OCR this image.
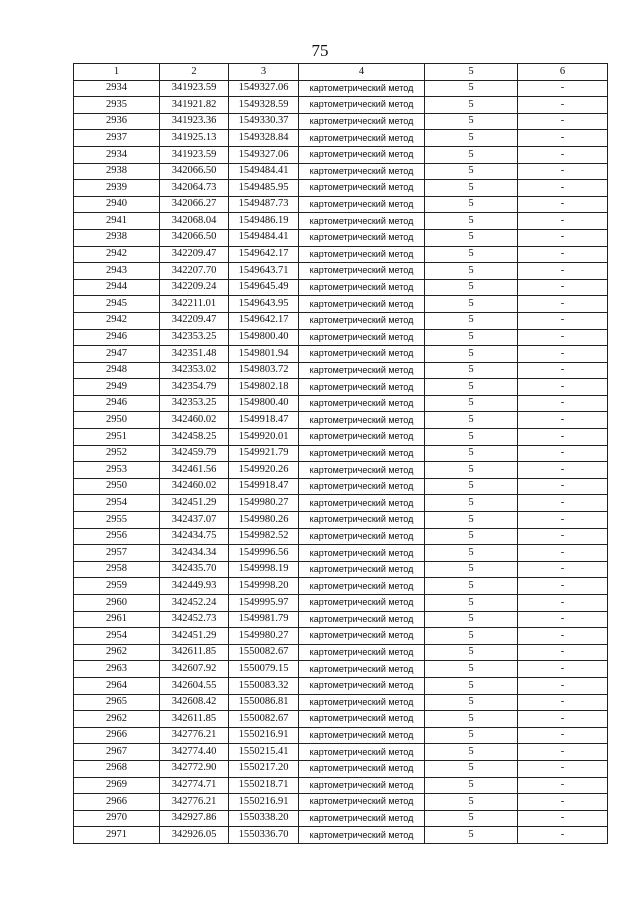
75
1	2	3	4	5	6
2934	341923.59	1549327.06	картометрический метод	5	-
2935	341921.82	1549328.59	картометрический метод	5	-
2936	341923.36	1549330.37	картометрический метод	5	-
2937	341925.13	1549328.84	картометрический метод	5	-
2934	341923.59	1549327.06	картометрический метод	5	-
2938	342066.50	1549484.41	картометрический метод	5	-
2939	342064.73	1549485.95	картометрический метод	5	-
2940	342066.27	1549487.73	картометрический метод	5	-
2941	342068.04	1549486.19	картометрический метод	5	-
2938	342066.50	1549484.41	картометрический метод	5	-
2942	342209.47	1549642.17	картометрический метод	5	-
2943	342207.70	1549643.71	картометрический метод	5	-
2944	342209.24	1549645.49	картометрический метод	5	-
2945	342211.01	1549643.95	картометрический метод	5	-
2942	342209.47	1549642.17	картометрический метод	5	-
2946	342353.25	1549800.40	картометрический метод	5	-
2947	342351.48	1549801.94	картометрический метод	5	-
2948	342353.02	1549803.72	картометрический метод	5	-
2949	342354.79	1549802.18	картометрический метод	5	-
2946	342353.25	1549800.40	картометрический метод	5	-
2950	342460.02	1549918.47	картометрический метод	5	-
2951	342458.25	1549920.01	картометрический метод	5	-
2952	342459.79	1549921.79	картометрический метод	5	-
2953	342461.56	1549920.26	картометрический метод	5	-
2950	342460.02	1549918.47	картометрический метод	5	-
2954	342451.29	1549980.27	картометрический метод	5	-
2955	342437.07	1549980.26	картометрический метод	5	-
2956	342434.75	1549982.52	картометрический метод	5	-
2957	342434.34	1549996.56	картометрический метод	5	-
2958	342435.70	1549998.19	картометрический метод	5	-
2959	342449.93	1549998.20	картометрический метод	5	-
2960	342452.24	1549995.97	картометрический метод	5	-
2961	342452.73	1549981.79	картометрический метод	5	-
2954	342451.29	1549980.27	картометрический метод	5	-
2962	342611.85	1550082.67	картометрический метод	5	-
2963	342607.92	1550079.15	картометрический метод	5	-
2964	342604.55	1550083.32	картометрический метод	5	-
2965	342608.42	1550086.81	картометрический метод	5	-
2962	342611.85	1550082.67	картометрический метод	5	-
2966	342776.21	1550216.91	картометрический метод	5	-
2967	342774.40	1550215.41	картометрический метод	5	-
2968	342772.90	1550217.20	картометрический метод	5	-
2969	342774.71	1550218.71	картометрический метод	5	-
2966	342776.21	1550216.91	картометрический метод	5	-
2970	342927.86	1550338.20	картометрический метод	5	-
2971	342926.05	1550336.70	картометрический метод	5	-
